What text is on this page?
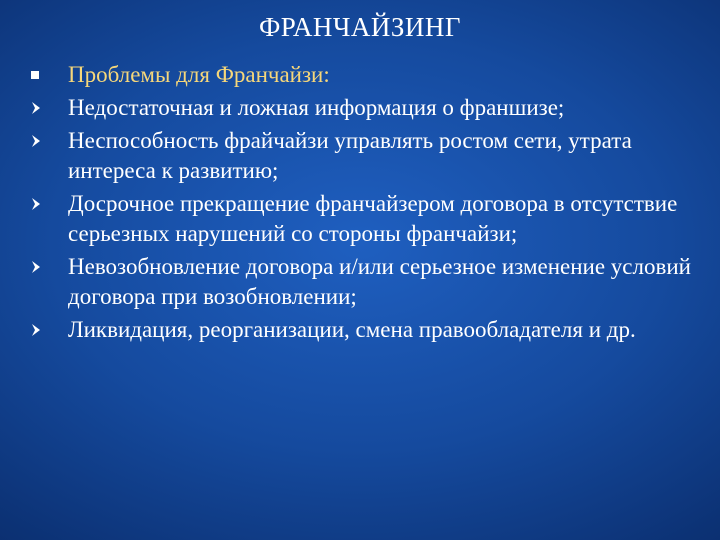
ФРАНЧАЙЗИНГ
Проблемы для Франчайзи:
Недостаточная и ложная информация о франшизе;
Неспособность фрайчайзи управлять ростом сети, утрата интереса к развитию;
Досрочное прекращение франчайзером договора в отсутствие серьезных нарушений со стороны франчайзи;
Невозобновление договора и/или серьезное изменение условий договора при возобновлении;
Ликвидация, реорганизации, смена правообладателя и др.
